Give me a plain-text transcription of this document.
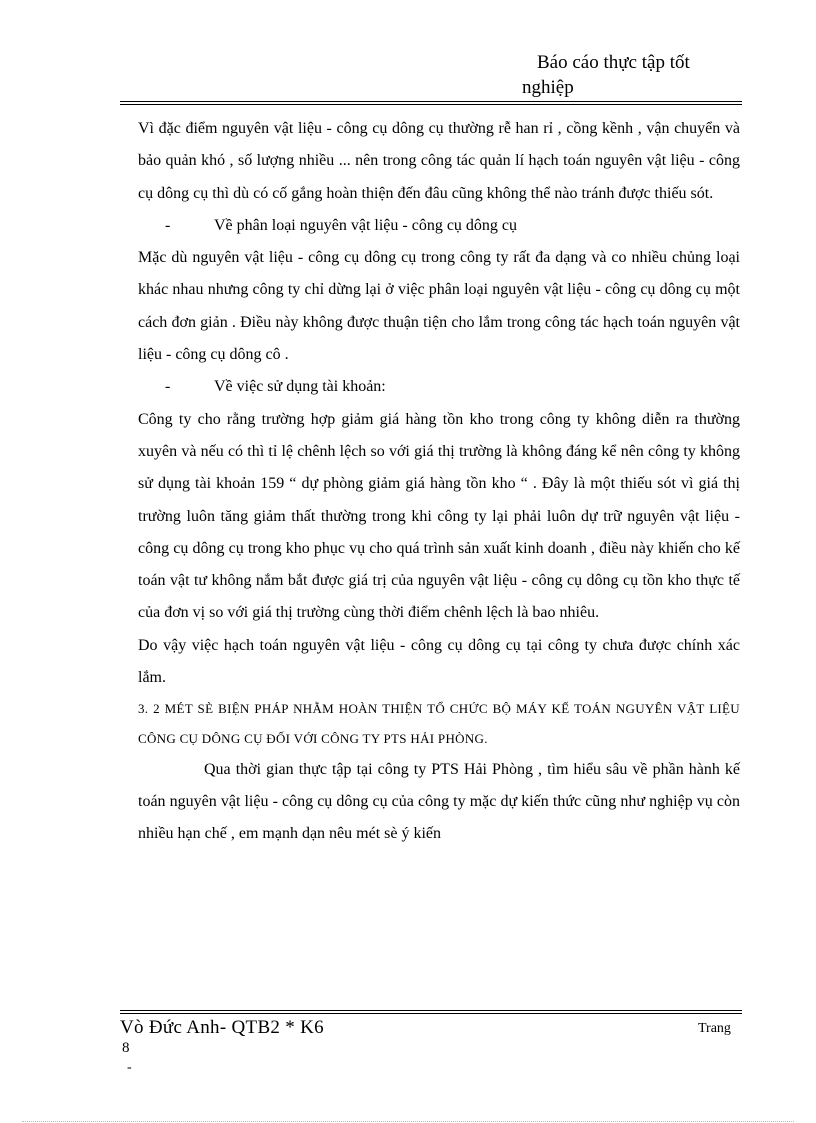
Báo cáo thực tập tốt
nghiệp

Vì đặc điểm nguyên vật liệu - công cụ dông cụ thường rễ han rỉ , cồng kềnh , vận chuyển và bảo quản khó , số lượng nhiều ... nên trong công tác quản lí hạch toán nguyên vật liệu - công cụ dông cụ thì dù có cố gắng hoàn thiện đến đâu cũng không thể nào tránh được thiếu sót.

-	Về phân loại nguyên vật liệu - công cụ dông cụ

Mặc dù nguyên vật liệu - công cụ dông cụ trong công ty rất đa dạng và co nhiều chủng loại khác nhau nhưng công ty chỉ dừng lại ở việc phân loại nguyên vật liệu - công cụ dông cụ một cách đơn giản . Điều này không được thuận tiện cho lắm trong công tác hạch toán nguyên vật liệu - công cụ dông cô .

-	Về việc sử dụng tài khoản:

Công ty cho rằng trường hợp giảm giá hàng tồn kho trong công ty không diễn ra thường xuyên và nếu có thì tỉ lệ chênh lệch so với giá thị trường là không đáng kể nên công ty không sử dụng tài khoản 159 “ dự phòng giảm giá hàng tồn kho “ . Đây là một thiếu sót vì giá thị trường luôn tăng giảm thất thường trong khi công ty lại phải luôn dự trữ nguyên vật liệu - công cụ dông cụ trong kho phục vụ cho quá trình sản xuất kinh doanh , điều này khiến cho kế toán vật tư không nắm bắt được giá trị của nguyên vật liệu - công cụ dông cụ tồn kho thực tế của đơn vị so với giá thị trường cùng thời điểm chênh lệch là bao nhiêu.

Do vậy việc hạch toán nguyên vật liệu - công cụ dông cụ tại công ty chưa được chính xác lắm.

3. 2 MÉT SÈ BIỆN PHÁP NHẰM HOÀN THIỆN TỔ CHỨC BỘ MÁY KẾ TOÁN NGUYÊN VẬT LIỆU CÔNG CỤ DÔNG CỤ ĐỐI VỚI CÔNG TY PTS HẢI PHÒNG.

Qua thời gian thực tập tại công ty PTS Hải Phòng , tìm hiểu sâu về phần hành kế toán nguyên vật liệu - công cụ dông cụ của công ty mặc dự kiến thức cũng như nghiệp vụ còn nhiều hạn chế , em mạnh dạn nêu mét sè ý kiến

Vò Đức Anh- QTB2 * K6	Trang
8
-
